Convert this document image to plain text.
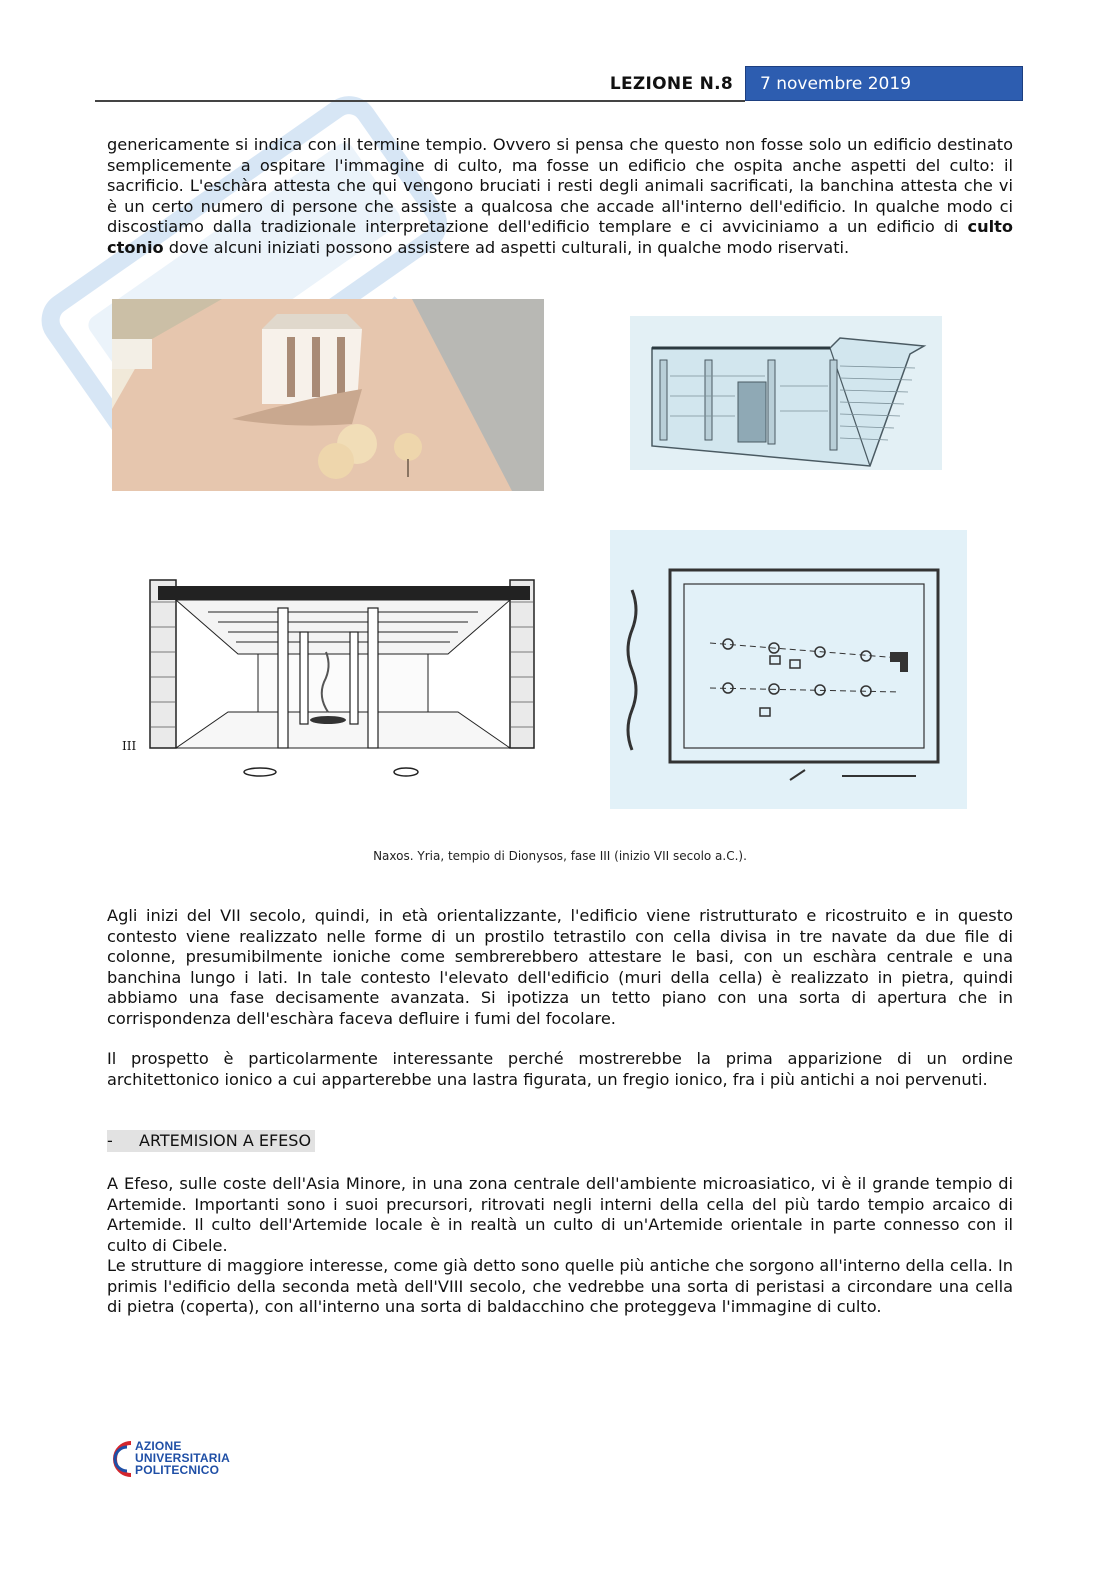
LEZIONE N.8	7 novembre 2019

genericamente si indica con il termine tempio. Ovvero si pensa che questo non fosse solo un edificio destinato semplicemente a ospitare l'immagine di culto, ma fosse un edificio che ospita anche aspetti del culto: il sacrificio. L'eschàra attesta che qui vengono bruciati i resti degli animali sacrificati, la banchina attesta che vi è un certo numero di persone che assiste a qualcosa che accade all'interno dell'edificio. In qualche modo ci discostiamo dalla tradizionale interpretazione dell'edificio templare e ci avviciniamo a un edificio di culto ctonio dove alcuni iniziati possono assistere ad aspetti culturali, in qualche modo riservati.

III
Naxos. Yria, tempio di Dionysos, fase III (inizio VII secolo a.C.).

Agli inizi del VII secolo, quindi, in età orientalizzante, l'edificio viene ristrutturato e ricostruito e in questo contesto viene realizzato nelle forme di un prostilo tetrastilo con cella divisa in tre navate da due file di colonne, presumibilmente ioniche come sembrerebbero attestare le basi, con un eschàra centrale e una banchina lungo i lati. In tale contesto l'elevato dell'edificio (muri della cella) è realizzato in pietra, quindi abbiamo una fase decisamente avanzata. Si ipotizza un tetto piano con una sorta di apertura che in corrispondenza dell'eschàra faceva defluire i fumi del focolare.

Il prospetto è particolarmente interessante perché mostrerebbe la prima apparizione di un ordine architettonico ionico a cui apparterebbe una lastra figurata, un fregio ionico, fra i più antichi a noi pervenuti.

- ARTEMISION A EFESO

A Efeso, sulle coste dell'Asia Minore, in una zona centrale dell'ambiente microasiatico, vi è il grande tempio di Artemide. Importanti sono i suoi precursori, ritrovati negli interni della cella del più tardo tempio arcaico di Artemide. Il culto dell'Artemide locale è in realtà un culto di un'Artemide orientale in parte connesso con il culto di Cibele.

Le strutture di maggiore interesse, come già detto sono quelle più antiche che sorgono all'interno della cella. In primis l'edificio della seconda metà dell'VIII secolo, che vedrebbe una sorta di peristasi a circondare una cella di pietra (coperta), con all'interno una sorta di baldacchino che proteggeva l'immagine di culto.

AZIONE
UNIVERSITARIA
POLITECNICO
